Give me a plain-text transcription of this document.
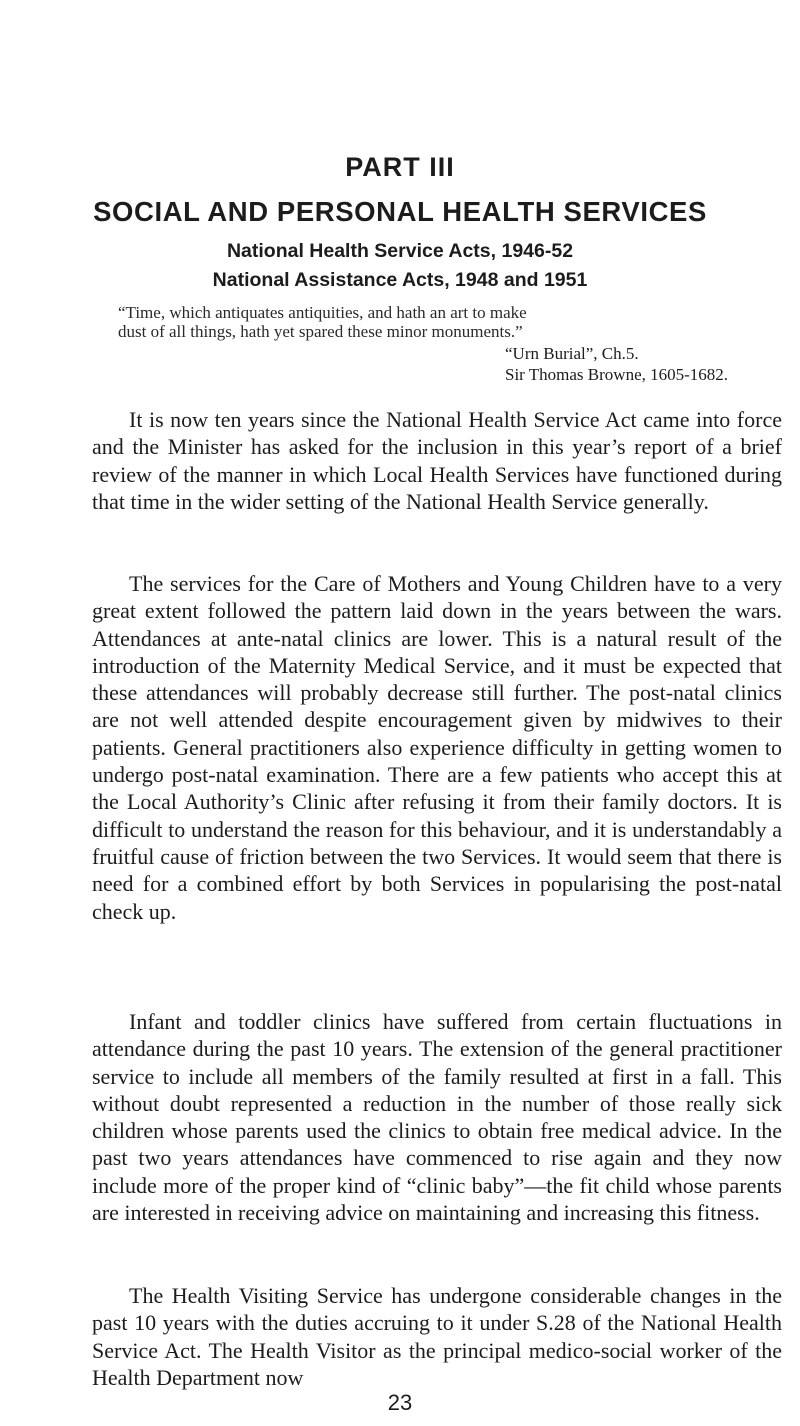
PART III
SOCIAL AND PERSONAL HEALTH SERVICES
National Health Service Acts, 1946-52
National Assistance Acts, 1948 and 1951
“Time, which antiquates antiquities, and hath an art to make
dust of all things, hath yet spared these minor monuments.”
“Urn Burial”, Ch.5.
Sir Thomas Browne, 1605-1682.

It is now ten years since the National Health Service Act came into force and the Minister has asked for the inclusion in this year’s report of a brief review of the manner in which Local Health Services have functioned during that time in the wider setting of the National Health Service generally.

The services for the Care of Mothers and Young Children have to a very great extent followed the pattern laid down in the years between the wars. Attendances at ante-natal clinics are lower. This is a natural result of the introduction of the Maternity Medical Service, and it must be expected that these attendances will probably decrease still further. The post-natal clinics are not well attended despite encouragement given by midwives to their patients. General practitioners also experience difficulty in getting women to undergo post-natal examination. There are a few patients who accept this at the Local Authority’s Clinic after refusing it from their family doctors. It is difficult to understand the reason for this behaviour, and it is understandably a fruitful cause of friction between the two Services. It would seem that there is need for a combined effort by both Services in popularising the post-natal check up.

Infant and toddler clinics have suffered from certain fluctuations in attendance during the past 10 years. The extension of the general practitioner service to include all members of the family resulted at first in a fall. This without doubt represented a reduction in the number of those really sick children whose parents used the clinics to obtain free medical advice. In the past two years attendances have commenced to rise again and they now include more of the proper kind of “clinic baby”—the fit child whose parents are interested in receiving advice on maintaining and increasing this fitness.

The Health Visiting Service has undergone considerable changes in the past 10 years with the duties accruing to it under S.28 of the National Health Service Act. The Health Visitor as the principal medico-social worker of the Health Department now

23
